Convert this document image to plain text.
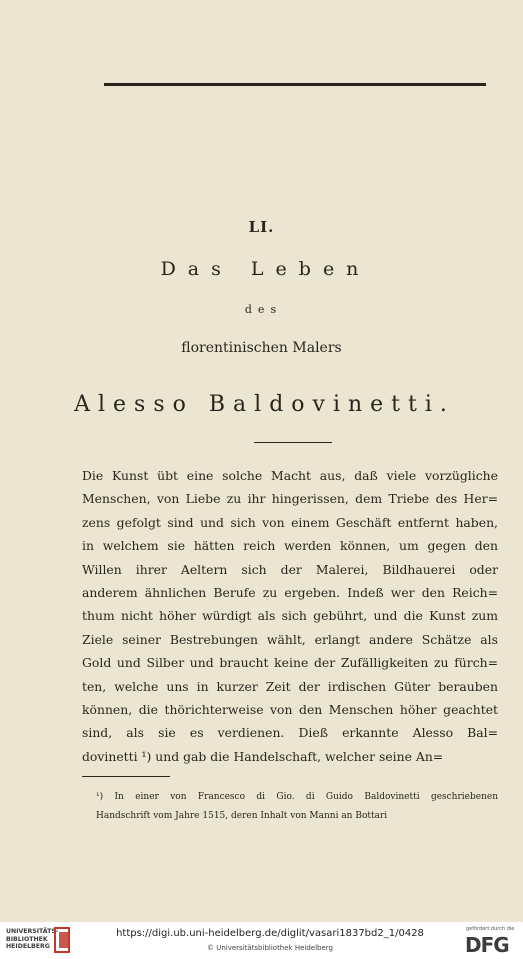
LI.
Das Leben
des
florentinischen Malers
Alesso Baldovinetti.
Die Kunst übt eine solche Macht aus, daß viele vorzügliche
Menschen, von Liebe zu ihr hingerissen, dem Triebe des Her=
zens gefolgt sind und sich von einem Geschäft entfernt haben,
in welchem sie hätten reich werden können, um gegen den
Willen ihrer Aeltern sich der Malerei, Bildhauerei oder
anderem ähnlichen Berufe zu ergeben. Indeß wer den Reich=
thum nicht höher würdigt als sich gebührt, und die Kunst zum
Ziele seiner Bestrebungen wählt, erlangt andere Schätze als
Gold und Silber und braucht keine der Zufälligkeiten zu fürch=
ten, welche uns in kurzer Zeit der irdischen Güter berauben
können, die thörichterweise von den Menschen höher geachtet
sind, als sie es verdienen. Dieß erkannte Alesso Bal=
dovinetti ¹) und gab die Handelschaft, welcher seine An=
¹) In einer von Francesco di Gio. di Guido Baldovinetti geschriebenen
Handschrift vom Jahre 1515, deren Inhalt von Manni an Bottari
UNIVERSITÄTS- BIBLIOTHEK HEIDELBERG
https://digi.ub.uni-heidelberg.de/diglit/vasari1837bd2_1/0428
© Universitätsbibliothek Heidelberg
gefördert durch die
DFG
